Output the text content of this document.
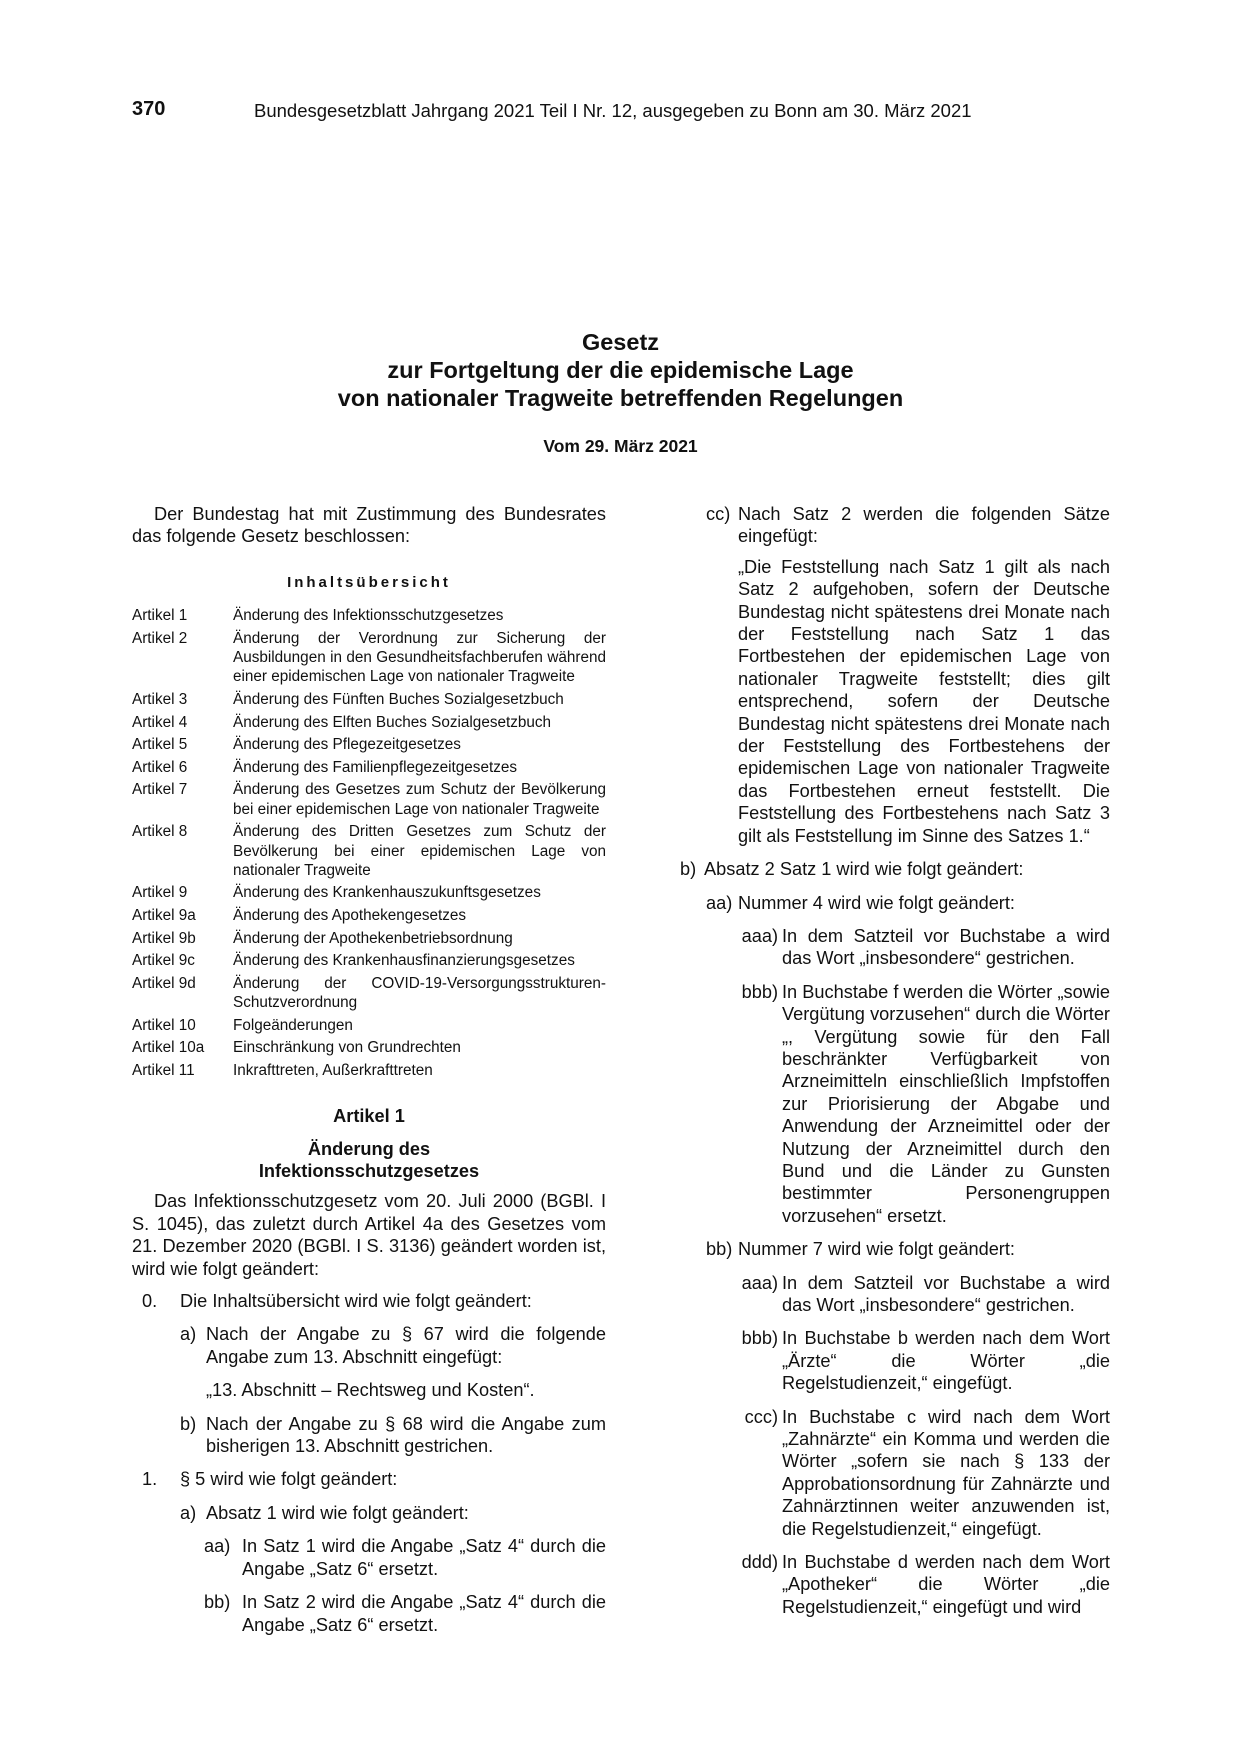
370	Bundesgesetzblatt Jahrgang 2021 Teil I Nr. 12, ausgegeben zu Bonn am 30. März 2021
Gesetz
zur Fortgeltung der die epidemische Lage
von nationaler Tragweite betreffenden Regelungen
Vom 29. März 2021

Der Bundestag hat mit Zustimmung des Bundesrates das folgende Gesetz beschlossen:

Inhaltsübersicht
Artikel 1	Änderung des Infektionsschutzgesetzes
Artikel 2	Änderung der Verordnung zur Sicherung der Ausbildungen in den Gesundheitsfachberufen während einer epidemischen Lage von nationaler Tragweite
Artikel 3	Änderung des Fünften Buches Sozialgesetzbuch
Artikel 4	Änderung des Elften Buches Sozialgesetzbuch
Artikel 5	Änderung des Pflegezeitgesetzes
Artikel 6	Änderung des Familienpflegezeitgesetzes
Artikel 7	Änderung des Gesetzes zum Schutz der Bevölkerung bei einer epidemischen Lage von nationaler Tragweite
Artikel 8	Änderung des Dritten Gesetzes zum Schutz der Bevölkerung bei einer epidemischen Lage von nationaler Tragweite
Artikel 9	Änderung des Krankenhauszukunftsgesetzes
Artikel 9a	Änderung des Apothekengesetzes
Artikel 9b	Änderung der Apothekenbetriebsordnung
Artikel 9c	Änderung des Krankenhausfinanzierungsgesetzes
Artikel 9d	Änderung der COVID-19-Versorgungsstrukturen-Schutzverordnung
Artikel 10	Folgeänderungen
Artikel 10a	Einschränkung von Grundrechten
Artikel 11	Inkrafttreten, Außerkrafttreten
Artikel 1
Änderung des
Infektionsschutzgesetzes

Das Infektionsschutzgesetz vom 20. Juli 2000 (BGBl. I S. 1045), das zuletzt durch Artikel 4a des Gesetzes vom 21. Dezember 2020 (BGBl. I S. 3136) geändert worden ist, wird wie folgt geändert:

0.	Die Inhaltsübersicht wird wie folgt geändert:
a) Nach der Angabe zu § 67 wird die folgende Angabe zum 13. Abschnitt eingefügt:

„13. Abschnitt – Rechtsweg und Kosten“.

b) Nach der Angabe zu § 68 wird die Angabe zum bisherigen 13. Abschnitt gestrichen.
1.	§ 5 wird wie folgt geändert:
a) Absatz 1 wird wie folgt geändert:
aa) In Satz 1 wird die Angabe „Satz 4“ durch die Angabe „Satz 6“ ersetzt.
bb) In Satz 2 wird die Angabe „Satz 4“ durch die Angabe „Satz 6“ ersetzt.
cc) Nach Satz 2 werden die folgenden Sätze eingefügt:

„Die Feststellung nach Satz 1 gilt als nach Satz 2 aufgehoben, sofern der Deutsche Bundestag nicht spätestens drei Monate nach der Feststellung nach Satz 1 das Fortbestehen der epidemischen Lage von nationaler Tragweite feststellt; dies gilt entsprechend, sofern der Deutsche Bundestag nicht spätestens drei Monate nach der Feststellung des Fortbestehens der epidemischen Lage von nationaler Tragweite das Fortbestehen erneut feststellt. Die Feststellung des Fortbestehens nach Satz 3 gilt als Feststellung im Sinne des Satzes 1.“

b) Absatz 2 Satz 1 wird wie folgt geändert:
aa) Nummer 4 wird wie folgt geändert:
aaa) In dem Satzteil vor Buchstabe a wird das Wort „insbesondere“ gestrichen.
bbb) In Buchstabe f werden die Wörter „sowie Vergütung vorzusehen“ durch die Wörter „, Vergütung sowie für den Fall beschränkter Verfügbarkeit von Arzneimitteln einschließlich Impfstoffen zur Priorisierung der Abgabe und Anwendung der Arzneimittel oder der Nutzung der Arzneimittel durch den Bund und die Länder zu Gunsten bestimmter Personengruppen vorzusehen“ ersetzt.
bb) Nummer 7 wird wie folgt geändert:
aaa) In dem Satzteil vor Buchstabe a wird das Wort „insbesondere“ gestrichen.
bbb) In Buchstabe b werden nach dem Wort „Ärzte“ die Wörter „die Regelstudienzeit,“ eingefügt.
ccc) In Buchstabe c wird nach dem Wort „Zahnärzte“ ein Komma und werden die Wörter „sofern sie nach § 133 der Approbationsordnung für Zahnärzte und Zahnärztinnen weiter anzuwenden ist, die Regelstudienzeit,“ eingefügt.
ddd) In Buchstabe d werden nach dem Wort „Apotheker“ die Wörter „die Regelstudienzeit,“ eingefügt und wird
